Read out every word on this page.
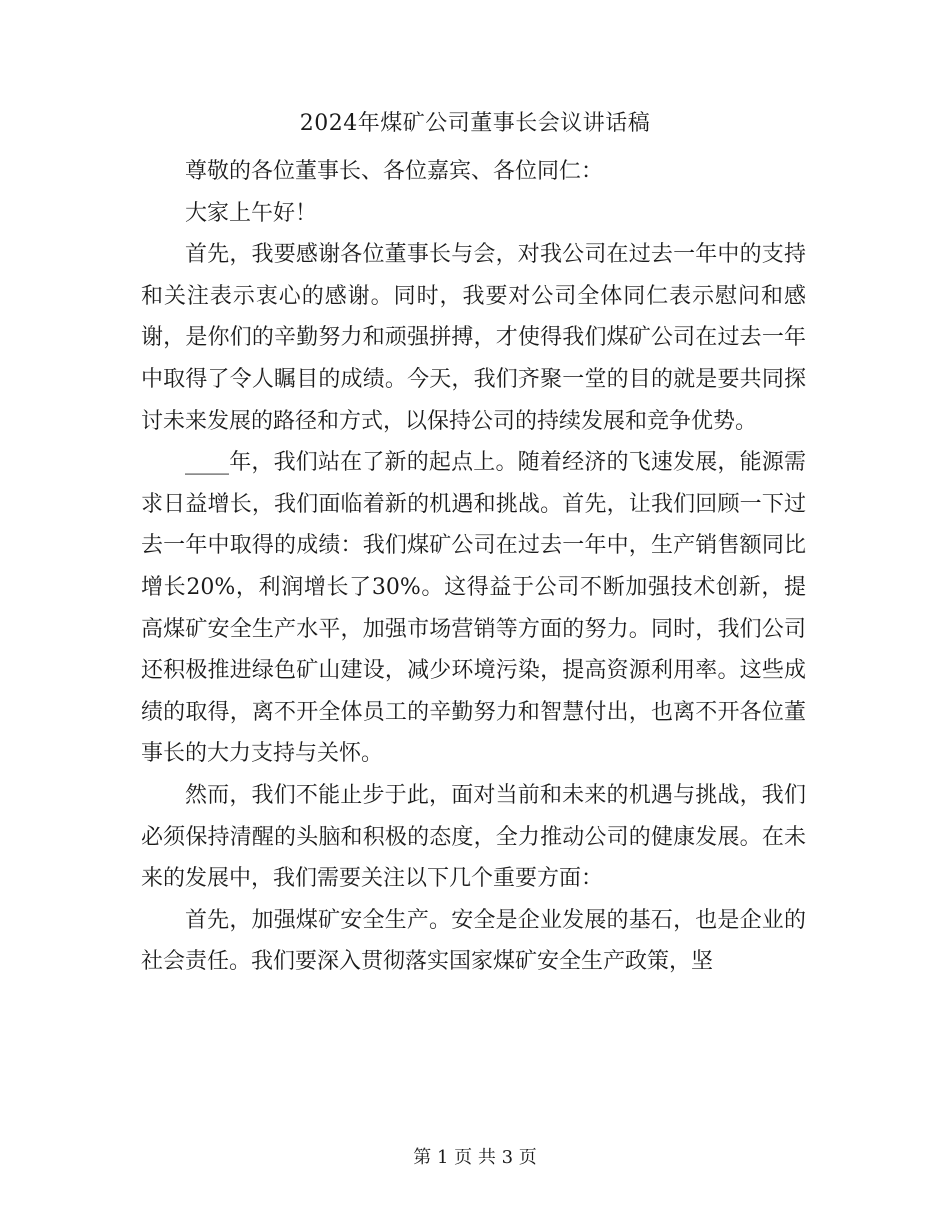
2024年煤矿公司董事长会议讲话稿

尊敬的各位董事长、各位嘉宾、各位同仁：

大家上午好！

首先，我要感谢各位董事长与会，对我公司在过去一年中的支持和关注表示衷心的感谢。同时，我要对公司全体同仁表示慰问和感谢，是你们的辛勤努力和顽强拼搏，才使得我们煤矿公司在过去一年中取得了令人瞩目的成绩。今天，我们齐聚一堂的目的就是要共同探讨未来发展的路径和方式，以保持公司的持续发展和竞争优势。

____年，我们站在了新的起点上。随着经济的飞速发展，能源需求日益增长，我们面临着新的机遇和挑战。首先，让我们回顾一下过去一年中取得的成绩：我们煤矿公司在过去一年中，生产销售额同比增长20%，利润增长了30%。这得益于公司不断加强技术创新，提高煤矿安全生产水平，加强市场营销等方面的努力。同时，我们公司还积极推进绿色矿山建设，减少环境污染，提高资源利用率。这些成绩的取得，离不开全体员工的辛勤努力和智慧付出，也离不开各位董事长的大力支持与关怀。

然而，我们不能止步于此，面对当前和未来的机遇与挑战，我们必须保持清醒的头脑和积极的态度，全力推动公司的健康发展。在未来的发展中，我们需要关注以下几个重要方面：

首先，加强煤矿安全生产。安全是企业发展的基石，也是企业的社会责任。我们要深入贯彻落实国家煤矿安全生产政策，坚

第 1 页 共 3 页
